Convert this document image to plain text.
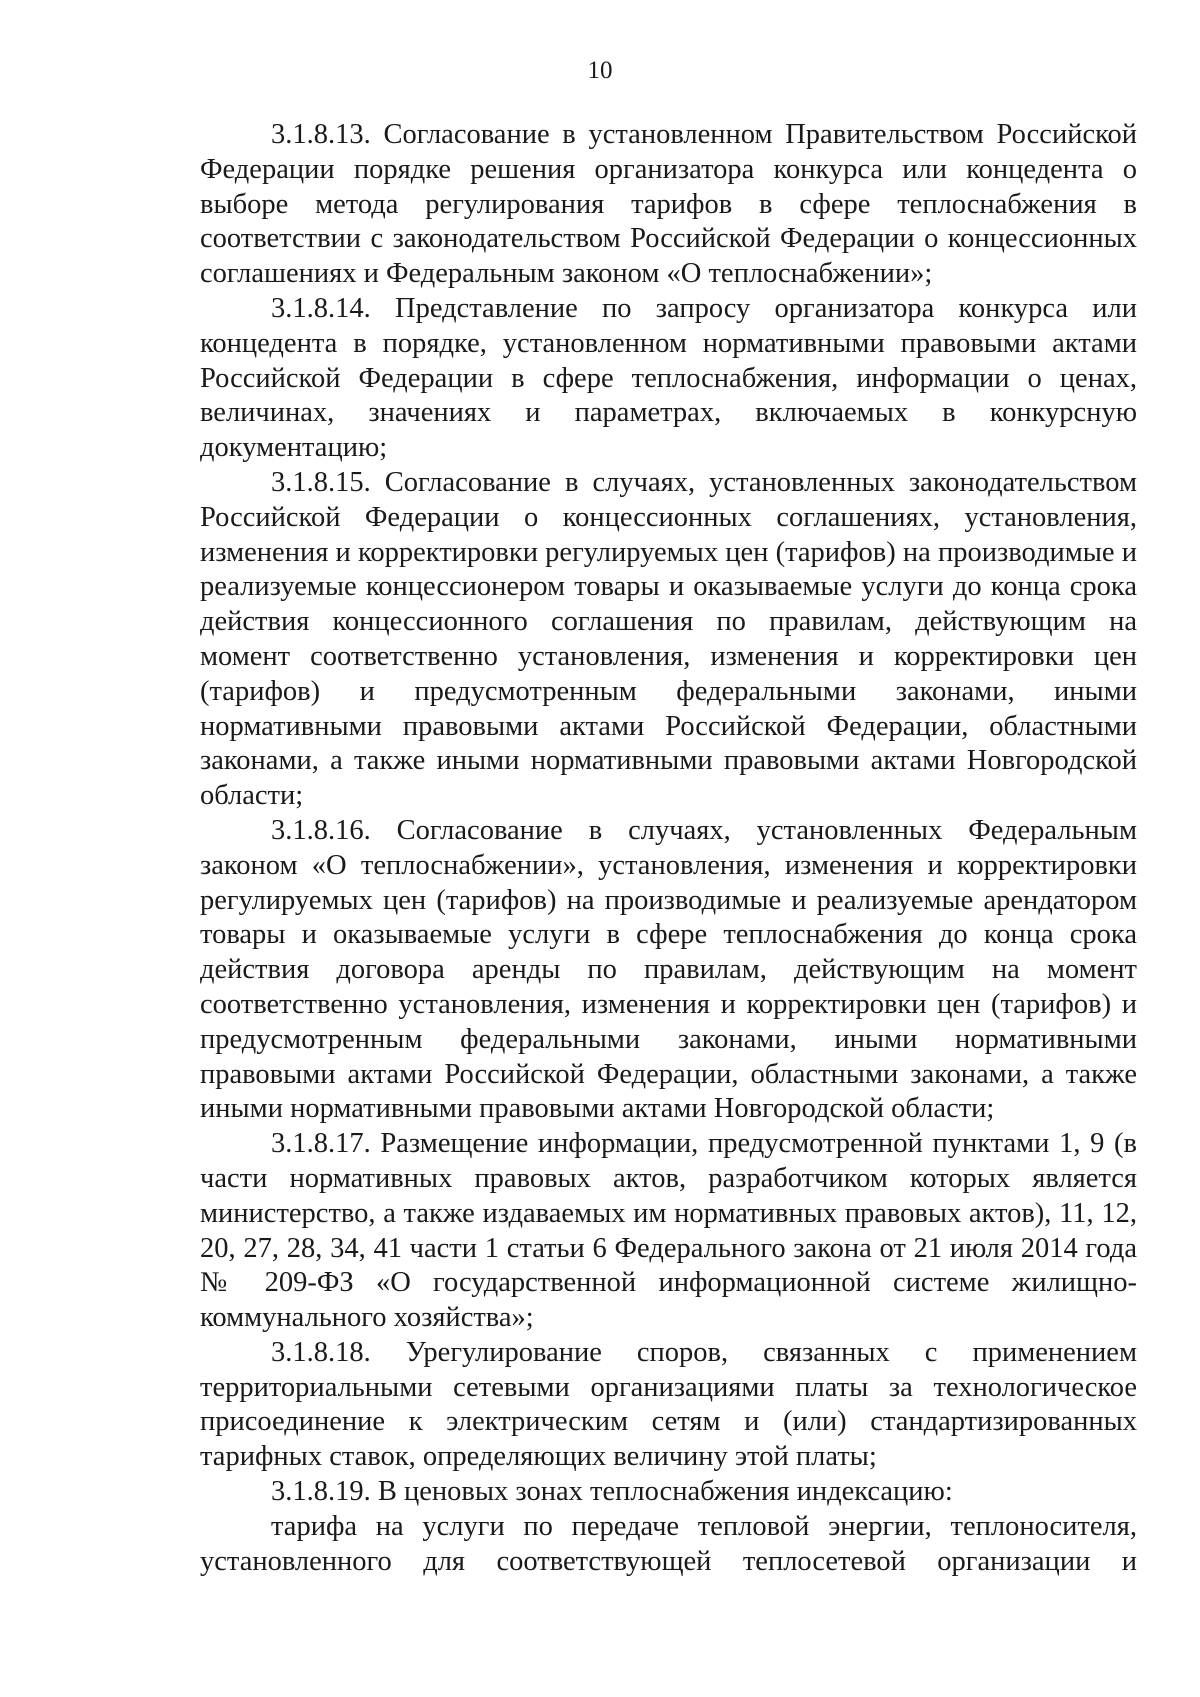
10

3.1.8.13. Согласование в установленном Правительством Российской Федерации порядке решения организатора конкурса или концедента о выборе метода регулирования тарифов в сфере теплоснабжения в соответствии с законодательством Российской Федерации о концессионных соглашениях и Федеральным законом «О теплоснабжении»;

3.1.8.14. Представление по запросу организатора конкурса или концедента в порядке, установленном нормативными правовыми актами Российской Федерации в сфере теплоснабжения, информации о ценах, величинах, значениях и параметрах, включаемых в конкурсную документацию;

3.1.8.15. Согласование в случаях, установленных законодательством Российской Федерации о концессионных соглашениях, установления, изменения и корректировки регулируемых цен (тарифов) на производимые и реализуемые концессионером товары и оказываемые услуги до конца срока действия концессионного соглашения по правилам, действующим на момент соответственно установления, изменения и корректировки цен (тарифов) и предусмотренным федеральными законами, иными нормативными правовыми актами Российской Федерации, областными законами, а также иными нормативными правовыми актами Новгородской области;

3.1.8.16. Согласование в случаях, установленных Федеральным законом «О теплоснабжении», установления, изменения и корректировки регулируемых цен (тарифов) на производимые и реализуемые арендатором товары и оказываемые услуги в сфере теплоснабжения до конца срока действия договора аренды по правилам, действующим на момент соответственно установления, изменения и корректировки цен (тарифов) и предусмотренным федеральными законами, иными нормативными правовыми актами Российской Федерации, областными законами, а также иными нормативными правовыми актами Новгородской области;

3.1.8.17. Размещение информации, предусмотренной пунктами 1, 9 (в части нормативных правовых актов, разработчиком которых является министерство, а также издаваемых им нормативных правовых актов), 11, 12, 20, 27, 28, 34, 41 части 1 статьи 6 Федерального закона от 21 июля 2014 года № 209-ФЗ «О государственной информационной системе жилищно-коммунального хозяйства»;

3.1.8.18. Урегулирование споров, связанных с применением территориальными сетевыми организациями платы за технологическое присоединение к электрическим сетям и (или) стандартизированных тарифных ставок, определяющих величину этой платы;

3.1.8.19. В ценовых зонах теплоснабжения индексацию:

тарифа на услуги по передаче тепловой энергии, теплоносителя, установленного для соответствующей теплосетевой организации и
